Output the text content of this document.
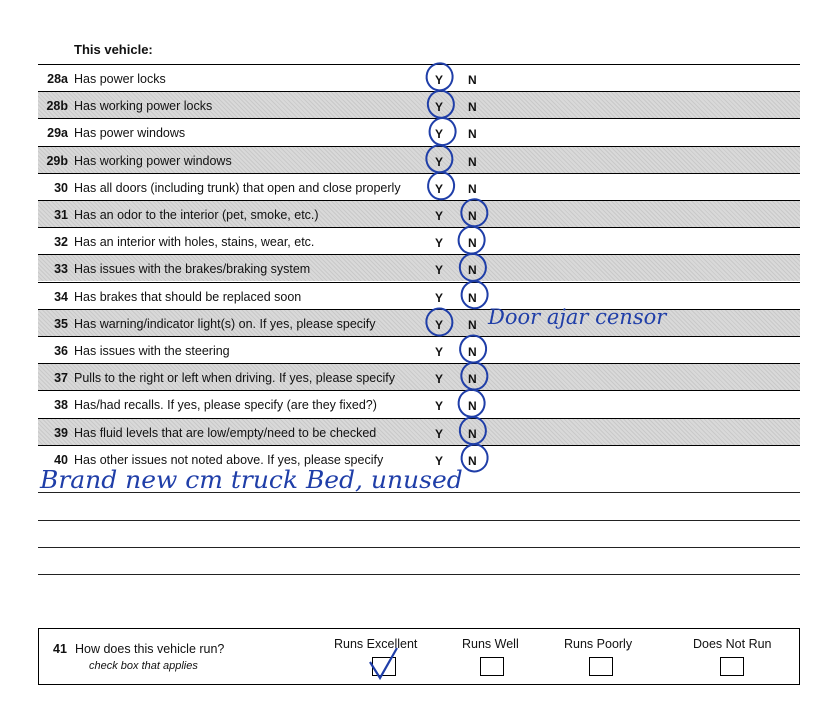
This vehicle:
28a Has power locks	Y N
28b Has working power locks	Y N
29a Has power windows	Y N
29b Has working power windows	Y N
30 Has all doors (including trunk) that open and close properly	Y N
31 Has an odor to the interior (pet, smoke, etc.)	Y N
32 Has an interior with holes, stains, wear, etc.	Y N
33 Has issues with the brakes/braking system	Y N
34 Has brakes that should be replaced soon	Y N
35 Has warning/indicator light(s) on. If yes, please specify	Y N
36 Has issues with the steering	Y N
37 Pulls to the right or left when driving. If yes, please specify	Y N
38 Has/had recalls. If yes, please specify (are they fixed?)	Y N
39 Has fluid levels that are low/empty/need to be checked	Y N
40 Has other issues not noted above. If yes, please specify	Y N
Door ajar censor
Brand new cm truck Bed, unused
41 How does this vehicle run?
check box that applies
Runs Excellent	Runs Well	Runs Poorly	Does Not Run
